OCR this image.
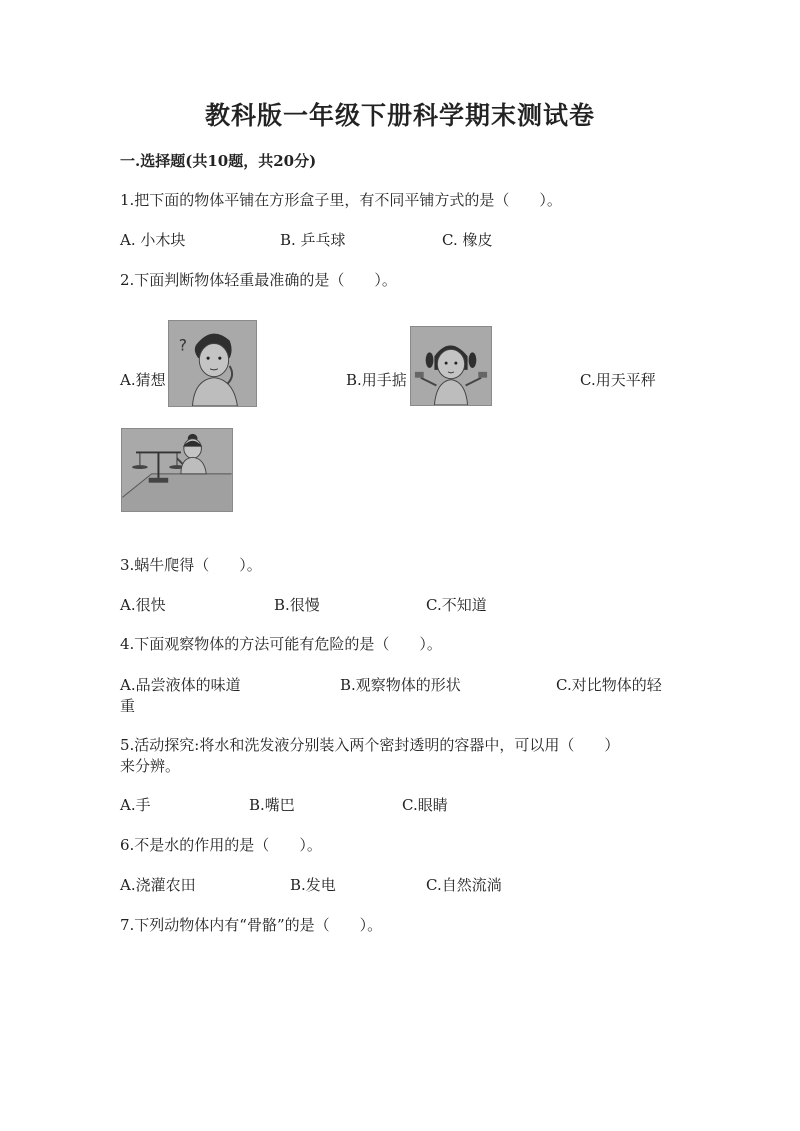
教科版一年级下册科学期末测试卷
一.选择题(共10题，共20分)
1.把下面的物体平铺在方形盒子里，有不同平铺方式的是（　　）。
A. 小木块	B. 乒乓球	C. 橡皮
2.下面判断物体轻重最准确的是（　　）。
A.猜想
?
B.用手掂	C.用天平秤
3.蜗牛爬得（　　）。
A.很快	B.很慢	C.不知道
4.下面观察物体的方法可能有危险的是（　　）。
A.品尝液体的味道	B.观察物体的形状	C.对比物体的轻
重
5.活动探究:将水和洗发液分别装入两个密封透明的容器中，可以用（　　）
来分辨。
A.手	B.嘴巴	C.眼睛
6.不是水的作用的是（　　）。
A.浇灌农田	B.发电	C.自然流淌
7.下列动物体内有“骨骼”的是（　　）。
